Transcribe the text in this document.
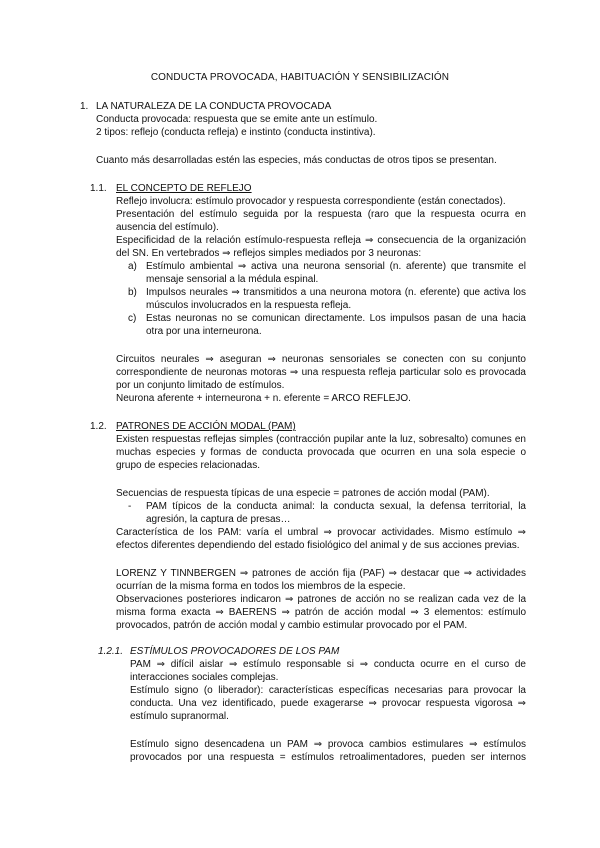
CONDUCTA PROVOCADA, HABITUACIÓN Y SENSIBILIZACIÓN
1. LA NATURALEZA DE LA CONDUCTA PROVOCADA
Conducta provocada: respuesta que se emite ante un estímulo.
2 tipos: reflejo (conducta refleja) e instinto (conducta instintiva).
Cuanto más desarrolladas estén las especies, más conductas de otros tipos se presentan.
1.1. EL CONCEPTO DE REFLEJO
Reflejo involucra: estímulo provocador y respuesta correspondiente (están conectados).
Presentación del estímulo seguida por la respuesta (raro que la respuesta ocurra en
ausencia del estímulo).
Especificidad de la relación estímulo-respuesta refleja ⇒ consecuencia de la organización
del SN. En vertebrados ⇒ reflejos simples mediados por 3 neuronas:
a) Estímulo ambiental ⇒ activa una neurona sensorial (n. aferente) que transmite el
mensaje sensorial a la médula espinal.
b) Impulsos neurales ⇒ transmitidos a una neurona motora (n. eferente) que activa los
músculos involucrados en la respuesta refleja.
c) Estas neuronas no se comunican directamente. Los impulsos pasan de una hacia
otra por una interneurona.
Circuitos neurales ⇒ aseguran ⇒ neuronas sensoriales se conecten con su conjunto
correspondiente de neuronas motoras ⇒ una respuesta refleja particular solo es provocada
por un conjunto limitado de estímulos.
Neurona aferente + interneurona + n. eferente = ARCO REFLEJO.
1.2. PATRONES DE ACCIÓN MODAL (PAM)
Existen respuestas reflejas simples (contracción pupilar ante la luz, sobresalto) comunes en
muchas especies y formas de conducta provocada que ocurren en una sola especie o
grupo de especies relacionadas.
Secuencias de respuesta típicas de una especie = patrones de acción modal (PAM).
- PAM típicos de la conducta animal: la conducta sexual, la defensa territorial, la
agresión, la captura de presas…
Característica de los PAM: varía el umbral ⇒ provocar actividades. Mismo estímulo ⇒
efectos diferentes dependiendo del estado fisiológico del animal y de sus acciones previas.
LORENZ Y TINNBERGEN ⇒ patrones de acción fija (PAF) ⇒ destacar que ⇒ actividades
ocurrían de la misma forma en todos los miembros de la especie.
Observaciones posteriores indicaron ⇒ patrones de acción no se realizan cada vez de la
misma forma exacta ⇒ BAERENS ⇒ patrón de acción modal ⇒ 3 elementos: estímulo
provocados, patrón de acción modal y cambio estimular provocado por el PAM.
1.2.1. ESTÍMULOS PROVOCADORES DE LOS PAM
PAM ⇒ difícil aislar ⇒ estímulo responsable si ⇒ conducta ocurre en el curso de
interacciones sociales complejas.
Estímulo signo (o liberador): características específicas necesarias para provocar la
conducta. Una vez identificado, puede exagerarse ⇒ provocar respuesta vigorosa ⇒
estímulo supranormal.
Estímulo signo desencadena un PAM ⇒ provoca cambios estimulares ⇒ estímulos
provocados por una respuesta = estímulos retroalimentadores, pueden ser internos
